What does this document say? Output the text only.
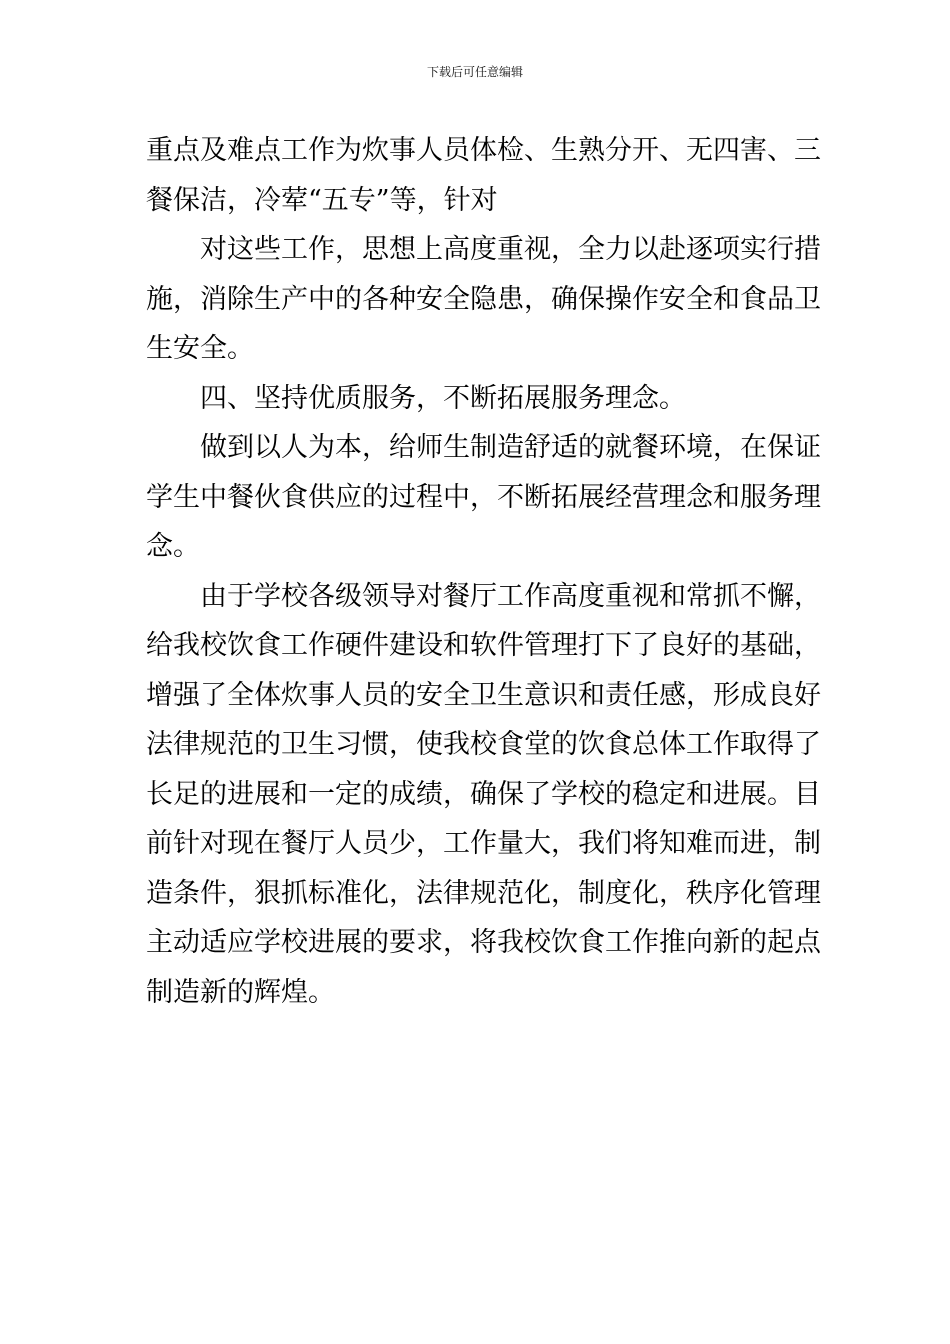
下载后可任意编辑
重点及难点工作为炊事人员体检、生熟分开、无四害、三
餐保洁，冷荤“五专”等，针对
对这些工作，思想上高度重视，全力以赴逐项实行措
施，消除生产中的各种安全隐患，确保操作安全和食品卫
生安全。
四、坚持优质服务，不断拓展服务理念。
做到以人为本，给师生制造舒适的就餐环境，在保证
学生中餐伙食供应的过程中，不断拓展经营理念和服务理
念。
由于学校各级领导对餐厅工作高度重视和常抓不懈，
给我校饮食工作硬件建设和软件管理打下了良好的基础，
增强了全体炊事人员的安全卫生意识和责任感，形成良好
法律规范的卫生习惯，使我校食堂的饮食总体工作取得了
长足的进展和一定的成绩，确保了学校的稳定和进展。目
前针对现在餐厅人员少，工作量大，我们将知难而进，制
造条件，狠抓标准化，法律规范化，制度化，秩序化管理
主动适应学校进展的要求，将我校饮食工作推向新的起点
制造新的辉煌。
